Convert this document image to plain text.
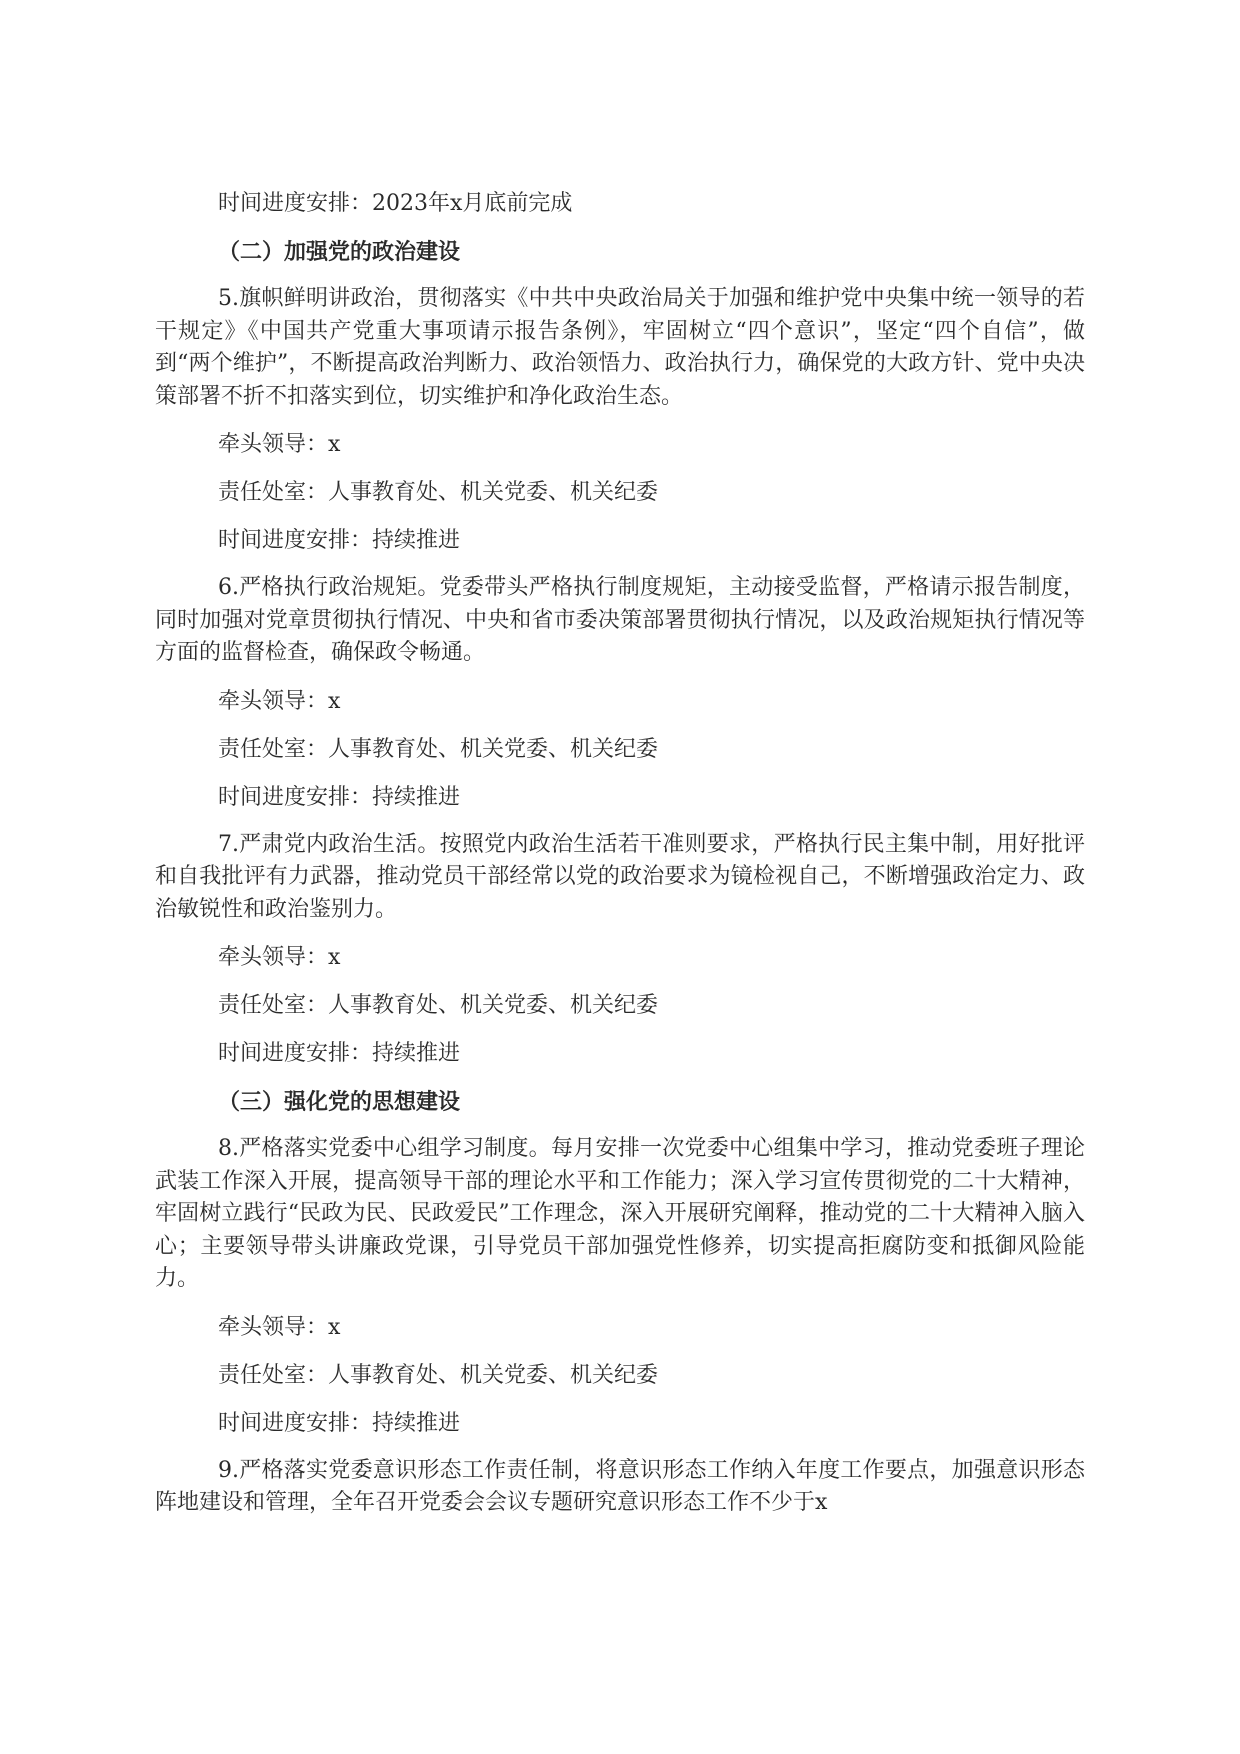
时间进度安排：2023年x月底前完成
（二）加强党的政治建设

5.旗帜鲜明讲政治，贯彻落实《中共中央政治局关于加强和维护党中央集中统一领导的若干规定》《中国共产党重大事项请示报告条例》，牢固树立“四个意识”，坚定“四个自信”，做到“两个维护”，不断提高政治判断力、政治领悟力、政治执行力，确保党的大政方针、党中央决策部署不折不扣落实到位，切实维护和净化政治生态。

牵头领导：x
责任处室：人事教育处、机关党委、机关纪委
时间进度安排：持续推进

6.严格执行政治规矩。党委带头严格执行制度规矩，主动接受监督，严格请示报告制度，同时加强对党章贯彻执行情况、中央和省市委决策部署贯彻执行情况，以及政治规矩执行情况等方面的监督检查，确保政令畅通。

牵头领导：x
责任处室：人事教育处、机关党委、机关纪委
时间进度安排：持续推进

7.严肃党内政治生活。按照党内政治生活若干准则要求，严格执行民主集中制，用好批评和自我批评有力武器，推动党员干部经常以党的政治要求为镜检视自己，不断增强政治定力、政治敏锐性和政治鉴别力。

牵头领导：x
责任处室：人事教育处、机关党委、机关纪委
时间进度安排：持续推进
（三）强化党的思想建设

8.严格落实党委中心组学习制度。每月安排一次党委中心组集中学习，推动党委班子理论武装工作深入开展，提高领导干部的理论水平和工作能力；深入学习宣传贯彻党的二十大精神，牢固树立践行“民政为民、民政爱民”工作理念，深入开展研究阐释，推动党的二十大精神入脑入心；主要领导带头讲廉政党课，引导党员干部加强党性修养，切实提高拒腐防变和抵御风险能力。

牵头领导：x
责任处室：人事教育处、机关党委、机关纪委
时间进度安排：持续推进

9.严格落实党委意识形态工作责任制，将意识形态工作纳入年度工作要点，加强意识形态阵地建设和管理，全年召开党委会会议专题研究意识形态工作不少于x
